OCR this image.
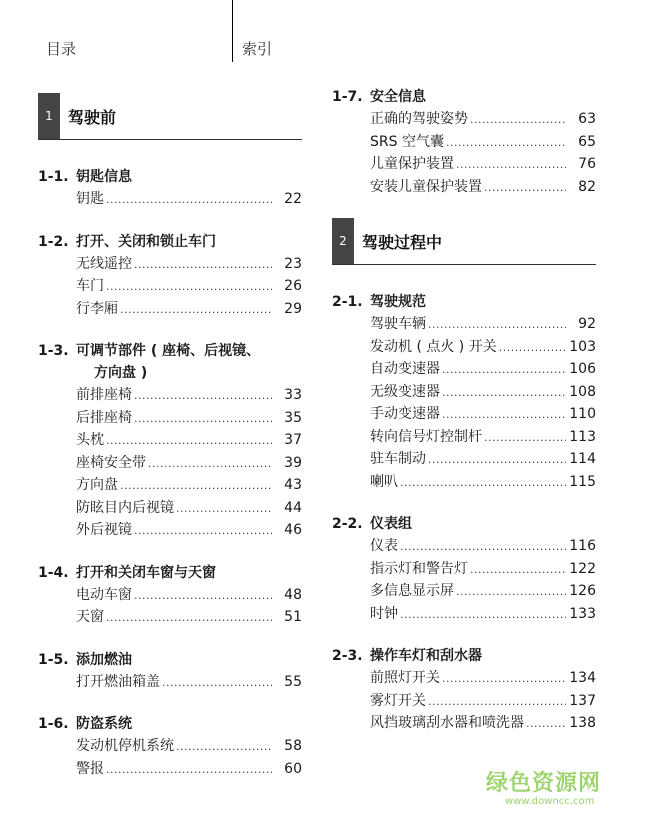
目录	索引
1 驾驶前
1-1. 钥匙信息
钥匙 .....	22
1-2. 打开、关闭和锁止车门
无线遥控 .....	23
车门 .....	26
行李厢 .....	29
1-3. 可调节部件 ( 座椅、后视镜、
方向盘 )
前排座椅 .....	33
后排座椅 .....	35
头枕 .....	37
座椅安全带 .....	39
方向盘 .....	43
防眩目内后视镜 .....	44
外后视镜 .....	46
1-4. 打开和关闭车窗与天窗
电动车窗 .....	48
天窗 .....	51
1-5. 添加燃油
打开燃油箱盖 .....	55
1-6. 防盗系统
发动机停机系统 .....	58
警报 .....	60
1-7. 安全信息
正确的驾驶姿势 .....	63
SRS 空气囊 .....	65
儿童保护装置 .....	76
安装儿童保护装置 .....	82
2 驾驶过程中
2-1. 驾驶规范
驾驶车辆 .....	92
发动机 ( 点火 ) 开关 .....	103
自动变速器 .....	106
无级变速器 .....	108
手动变速器 .....	110
转向信号灯控制杆 .....	113
驻车制动 .....	114
喇叭 .....	115
2-2. 仪表组
仪表 .....	116
指示灯和警告灯 .....	122
多信息显示屏 .....	126
时钟 .....	133
2-3. 操作车灯和刮水器
前照灯开关 .....	134
雾灯开关 .....	137
风挡玻璃刮水器和喷洗器 .....	138
绿色资源网
www.downcc.com
